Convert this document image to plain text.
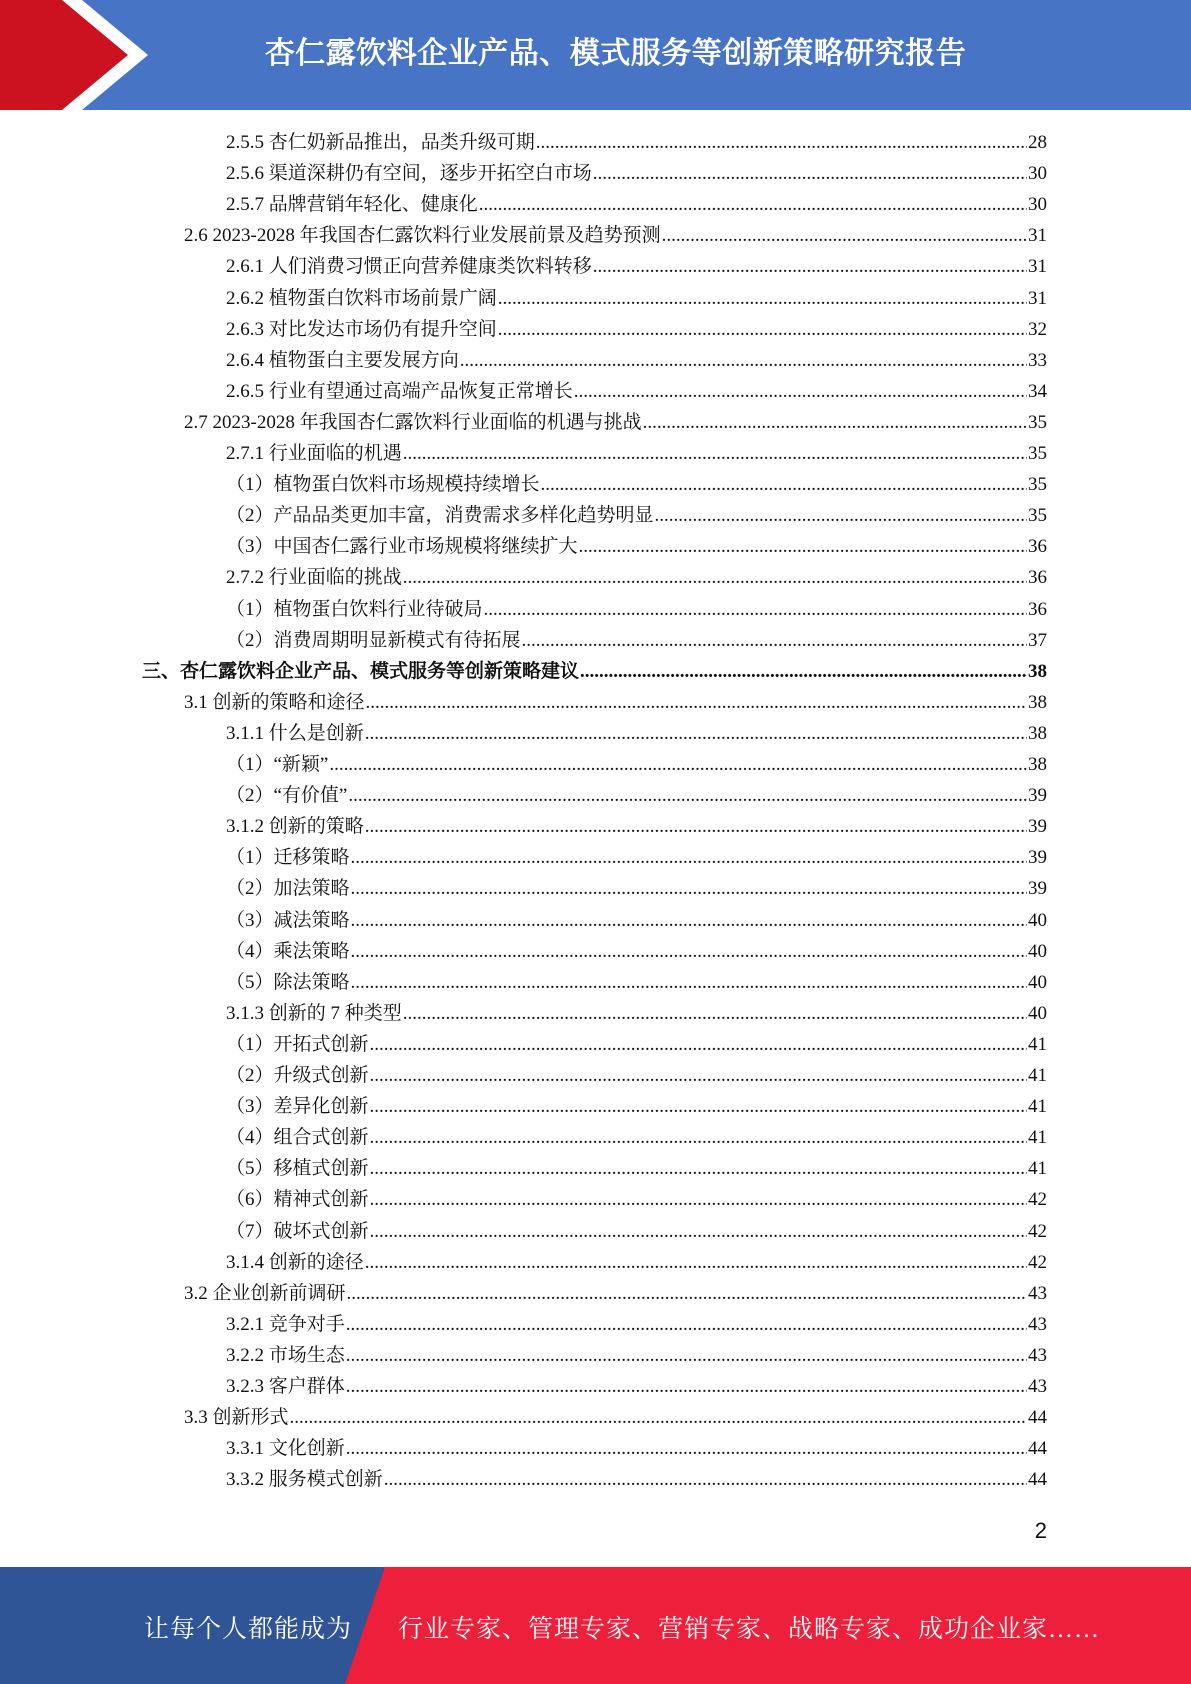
杏仁露饮料企业产品、模式服务等创新策略研究报告
2.5.5 杏仁奶新品推出，品类升级可期 .....	28
2.5.6 渠道深耕仍有空间，逐步开拓空白市场 .....	30
2.5.7 品牌营销年轻化、健康化 .....	30
2.6 2023-2028 年我国杏仁露饮料行业发展前景及趋势预测 .....	31
2.6.1 人们消费习惯正向营养健康类饮料转移 .....	31
2.6.2 植物蛋白饮料市场前景广阔 .....	31
2.6.3 对比发达市场仍有提升空间 .....	32
2.6.4 植物蛋白主要发展方向 .....	33
2.6.5 行业有望通过高端产品恢复正常增长 .....	34
2.7 2023-2028 年我国杏仁露饮料行业面临的机遇与挑战 .....	35
2.7.1 行业面临的机遇 .....	35
（1）植物蛋白饮料市场规模持续增长 .....	35
（2）产品品类更加丰富，消费需求多样化趋势明显 .....	35
（3）中国杏仁露行业市场规模将继续扩大 .....	36
2.7.2 行业面临的挑战 .....	36
（1）植物蛋白饮料行业待破局 .....	36
（2）消费周期明显新模式有待拓展 .....	37
三、杏仁露饮料企业产品、模式服务等创新策略建议 .....	38
3.1 创新的策略和途径 .....	38
3.1.1 什么是创新 .....	38
（1）“新颖” .....	38
（2）“有价值” .....	39
3.1.2 创新的策略 .....	39
（1）迁移策略 .....	39
（2）加法策略 .....	39
（3）减法策略 .....	40
（4）乘法策略 .....	40
（5）除法策略 .....	40
3.1.3 创新的 7 种类型 .....	40
（1）开拓式创新 .....	41
（2）升级式创新 .....	41
（3）差异化创新 .....	41
（4）组合式创新 .....	41
（5）移植式创新 .....	41
（6）精神式创新 .....	42
（7）破坏式创新 .....	42
3.1.4 创新的途径 .....	42
3.2 企业创新前调研 .....	43
3.2.1 竞争对手 .....	43
3.2.2 市场生态 .....	43
3.2.3 客户群体 .....	43
3.3 创新形式 .....	44
3.3.1 文化创新 .....	44
3.3.2 服务模式创新 .....	44
2
让每个人都能成为 行业专家、管理专家、营销专家、战略专家、成功企业家……
